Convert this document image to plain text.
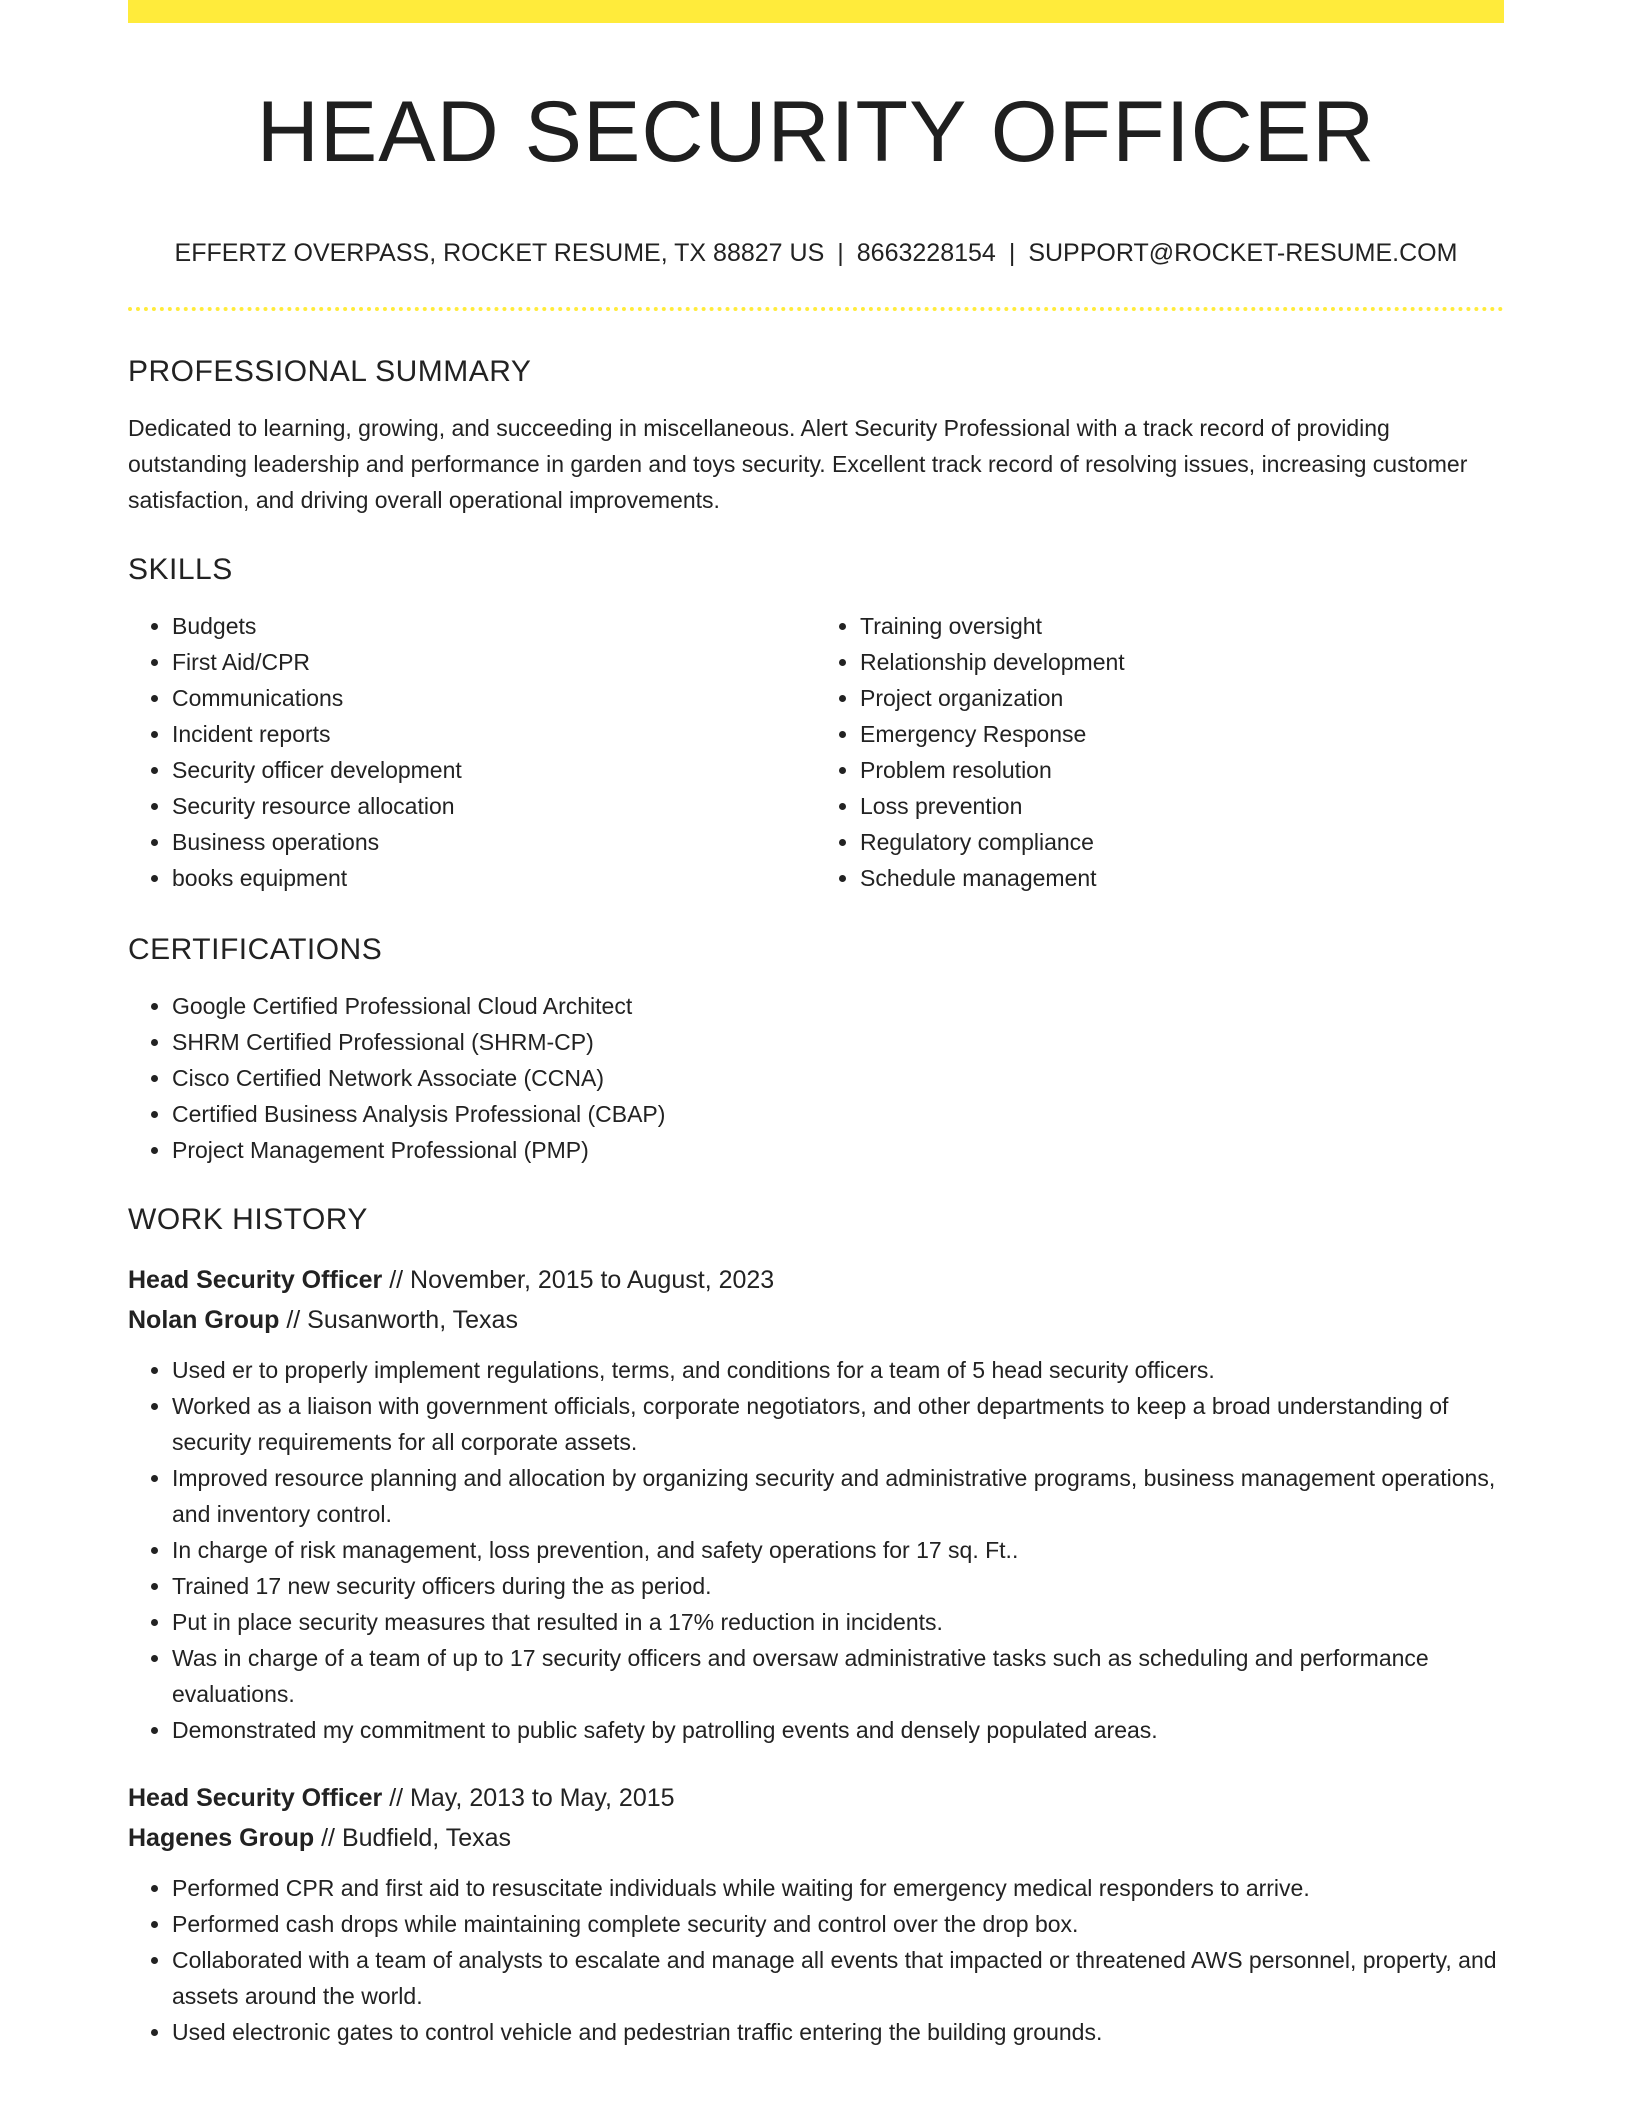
HEAD SECURITY OFFICER
EFFERTZ OVERPASS, ROCKET RESUME, TX 88827 US | 8663228154 | SUPPORT@ROCKET-RESUME.COM
PROFESSIONAL SUMMARY

Dedicated to learning, growing, and succeeding in miscellaneous. Alert Security Professional with a track record of providing outstanding leadership and performance in garden and toys security. Excellent track record of resolving issues, increasing customer satisfaction, and driving overall operational improvements.

SKILLS
• Budgets
• First Aid/CPR
• Communications
• Incident reports
• Security officer development
• Security resource allocation
• Business operations
• books equipment
• Training oversight
• Relationship development
• Project organization
• Emergency Response
• Problem resolution
• Loss prevention
• Regulatory compliance
• Schedule management
CERTIFICATIONS
• Google Certified Professional Cloud Architect
• SHRM Certified Professional (SHRM-CP)
• Cisco Certified Network Associate (CCNA)
• Certified Business Analysis Professional (CBAP)
• Project Management Professional (PMP)
WORK HISTORY
Head Security Officer // November, 2015 to August, 2023
Nolan Group // Susanworth, Texas
• Used er to properly implement regulations, terms, and conditions for a team of 5 head security officers.
• Worked as a liaison with government officials, corporate negotiators, and other departments to keep a broad understanding of security requirements for all corporate assets.
• Improved resource planning and allocation by organizing security and administrative programs, business management operations, and inventory control.
• In charge of risk management, loss prevention, and safety operations for 17 sq. Ft..
• Trained 17 new security officers during the as period.
• Put in place security measures that resulted in a 17% reduction in incidents.
• Was in charge of a team of up to 17 security officers and oversaw administrative tasks such as scheduling and performance evaluations.
• Demonstrated my commitment to public safety by patrolling events and densely populated areas.
Head Security Officer // May, 2013 to May, 2015
Hagenes Group // Budfield, Texas
• Performed CPR and first aid to resuscitate individuals while waiting for emergency medical responders to arrive.
• Performed cash drops while maintaining complete security and control over the drop box.
• Collaborated with a team of analysts to escalate and manage all events that impacted or threatened AWS personnel, property, and assets around the world.
• Used electronic gates to control vehicle and pedestrian traffic entering the building grounds.
